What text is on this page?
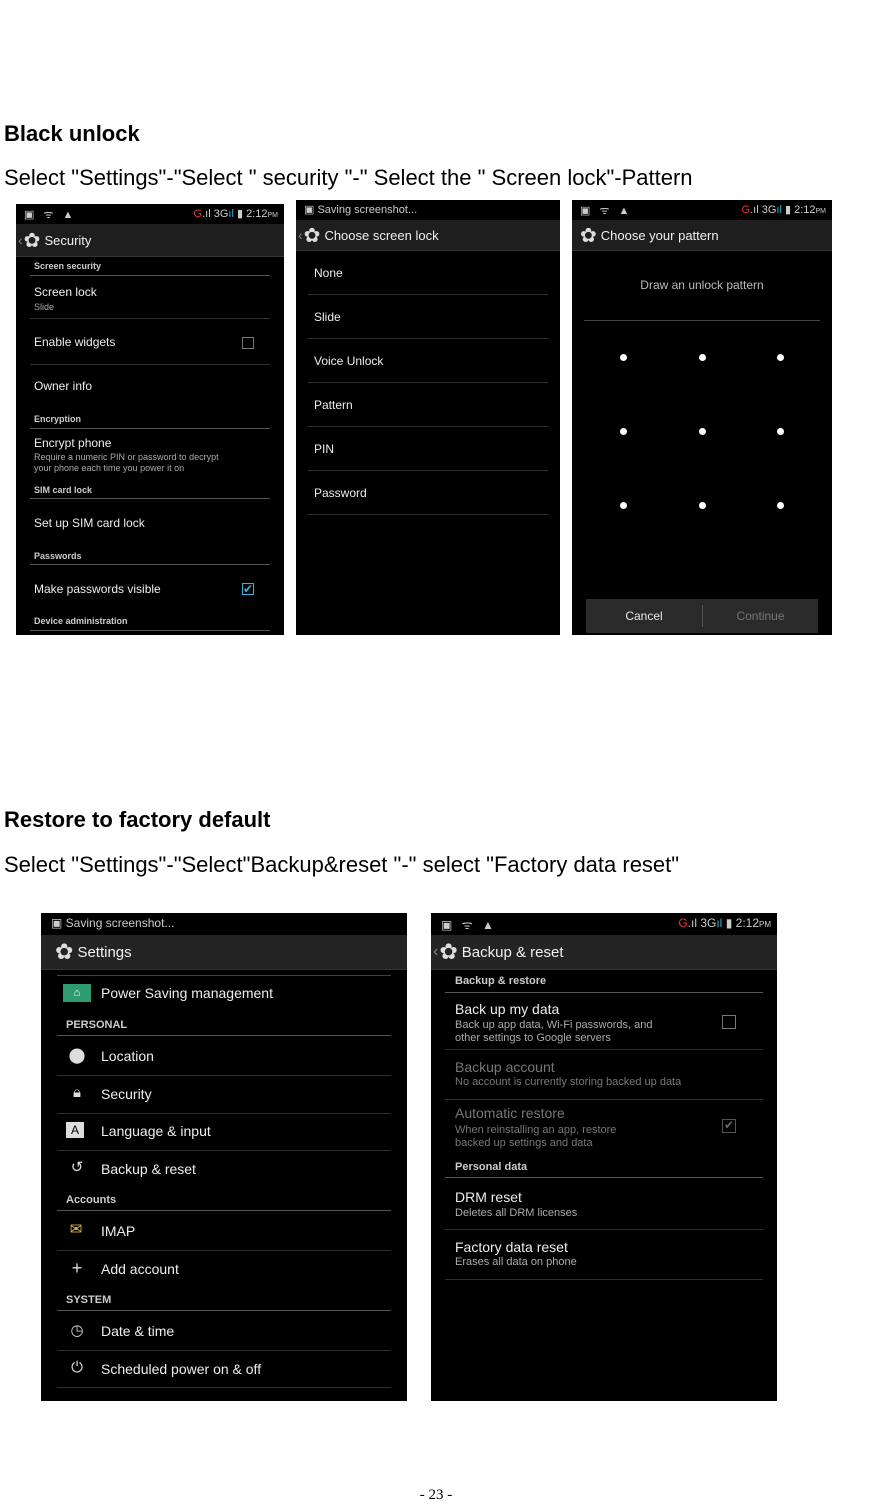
Black unlock

Select "Settings"-"Select " security "-" Select the " Screen lock"-Pattern

▣ ᯤ ▲	G.ıl 3Gıl ▮ 2:12PM
‹ ✿ Security
Screen security
Screen lock
Slide
Enable widgets
Owner info
Encryption
Encrypt phone
Require a numeric PIN or password to decrypt
your phone each time you power it on
SIM card lock
Set up SIM card lock
Passwords
Make passwords visible	✔
Device administration
▣ Saving screenshot...
‹ ✿ Choose screen lock
None
Slide
Voice Unlock
Pattern
PIN
Password
▣ ᯤ ▲	G.ıl 3Gıl ▮ 2:12PM
✿ Choose your pattern
Draw an unlock pattern
Cancel	Continue
Restore to factory default

Select "Settings"-"Select"Backup&reset "-" select "Factory data reset"

▣ Saving screenshot...
✿ Settings
⌂	Power Saving management
PERSONAL
⬤ Location
🔒︎	Security
A	Language & input
↺	Backup & reset
Accounts
✉	IMAP
+	Add account
SYSTEM
◷	Date & time
⏻	Scheduled power on & off
▣ ᯤ ▲	G.ıl 3Gıl ▮ 2:12PM
‹ ✿ Backup & reset
Backup & restore
Back up my data
Back up app data, Wi-Fi passwords, and
other settings to Google servers
Backup account
No account is currently storing backed up data
Automatic restore
When reinstalling an app, restore
backed up settings and data
✔
Personal data
DRM reset
Deletes all DRM licenses
Factory data reset
Erases all data on phone
- 23 -
